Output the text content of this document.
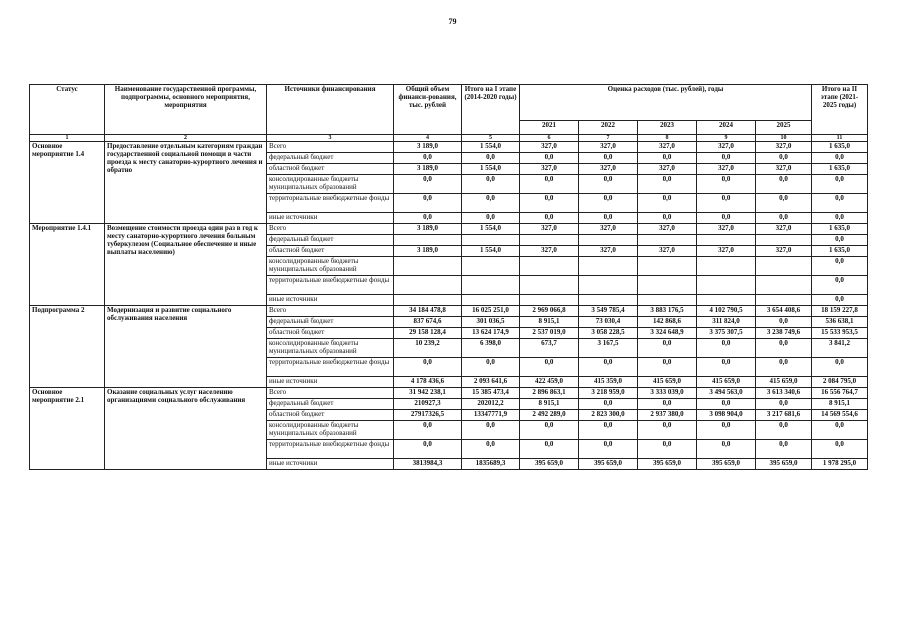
79
Статус	Наименование государственной программы, подпрограммы, основного мероприятия, мероприятия	Источники финансирования	Общий объем финанси-рования, тыс. рублей	Итого на I этапе (2014-2020 годы)	Оценка расходов (тыс. рублей), годы					Итого на II этапе (2021-2025 годы)
					2021	2022	2023	2024	2025	
1	2	3	4	5	6	7	8	9	10	11
Основное мероприятие 1.4	Предоставление отдельным категориям граждан государственной социальной помощи в части проезда к месту санаторно-курортного лечения и обратно	Всего	3 189,0	1 554,0	327,0	327,0	327,0	327,0	327,0	1 635,0
		федеральный бюджет	0,0	0,0	0,0	0,0	0,0	0,0	0,0	0,0
		областной бюджет	3 189,0	1 554,0	327,0	327,0	327,0	327,0	327,0	1 635,0
		консолидированные бюджеты муниципальных образований	0,0	0,0	0,0	0,0	0,0	0,0	0,0	0,0
		территориальные внебюджетные фонды	0,0	0,0	0,0	0,0	0,0	0,0	0,0	0,0
		иные источники	0,0	0,0	0,0	0,0	0,0	0,0	0,0	0,0
Мероприятие 1.4.1	Возмещение стоимости проезда один раз в год к месту санаторно-курортного лечения больным туберкулезом (Социальное обеспечение и иные выплаты населению)	Всего	3 189,0	1 554,0	327,0	327,0	327,0	327,0	327,0	1 635,0
		федеральный бюджет								0,0
		областной бюджет	3 189,0	1 554,0	327,0	327,0	327,0	327,0	327,0	1 635,0
		консолидированные бюджеты муниципальных образований								0,0
		территориальные внебюджетные фонды								0,0
		иные источники								0,0
Подпрограмма 2	Модернизация и развитие социального обслуживания населения	Всего	34 184 478,8	16 025 251,0	2 969 066,8	3 549 785,4	3 883 176,5	4 102 790,5	3 654 408,6	18 159 227,8
		федеральный бюджет	837 674,6	301 036,5	8 915,1	73 030,4	142 868,6	311 824,0	0,0	536 638,1
		областной бюджет	29 158 128,4	13 624 174,9	2 537 019,0	3 058 228,5	3 324 648,9	3 375 307,5	3 238 749,6	15 533 953,5
		консолидированные бюджеты муниципальных образований	10 239,2	6 398,0	673,7	3 167,5	0,0	0,0	0,0	3 841,2
		территориальные внебюджетные фонды	0,0	0,0	0,0	0,0	0,0	0,0	0,0	0,0
		иные источники	4 178 436,6	2 093 641,6	422 459,0	415 359,0	415 659,0	415 659,0	415 659,0	2 084 795,0
Основное мероприятие 2.1	Оказание социальных услуг населению организациями социального обслуживания	Всего	31 942 238,1	15 385 473,4	2 896 863,1	3 218 959,0	3 333 039,0	3 494 563,0	3 613 340,6	16 556 764,7
		федеральный бюджет	210927,3	202012,2	8 915,1	0,0	0,0	0,0	0,0	8 915,1
		областной бюджет	27917326,5	13347771,9	2 492 289,0	2 823 300,0	2 937 380,0	3 098 904,0	3 217 681,6	14 569 554,6
		консолидированные бюджеты муниципальных образований	0,0	0,0	0,0	0,0	0,0	0,0	0,0	0,0
		территориальные внебюджетные фонды	0,0	0,0	0,0	0,0	0,0	0,0	0,0	0,0
		иные источники	3813984,3	1835689,3	395 659,0	395 659,0	395 659,0	395 659,0	395 659,0	1 978 295,0
